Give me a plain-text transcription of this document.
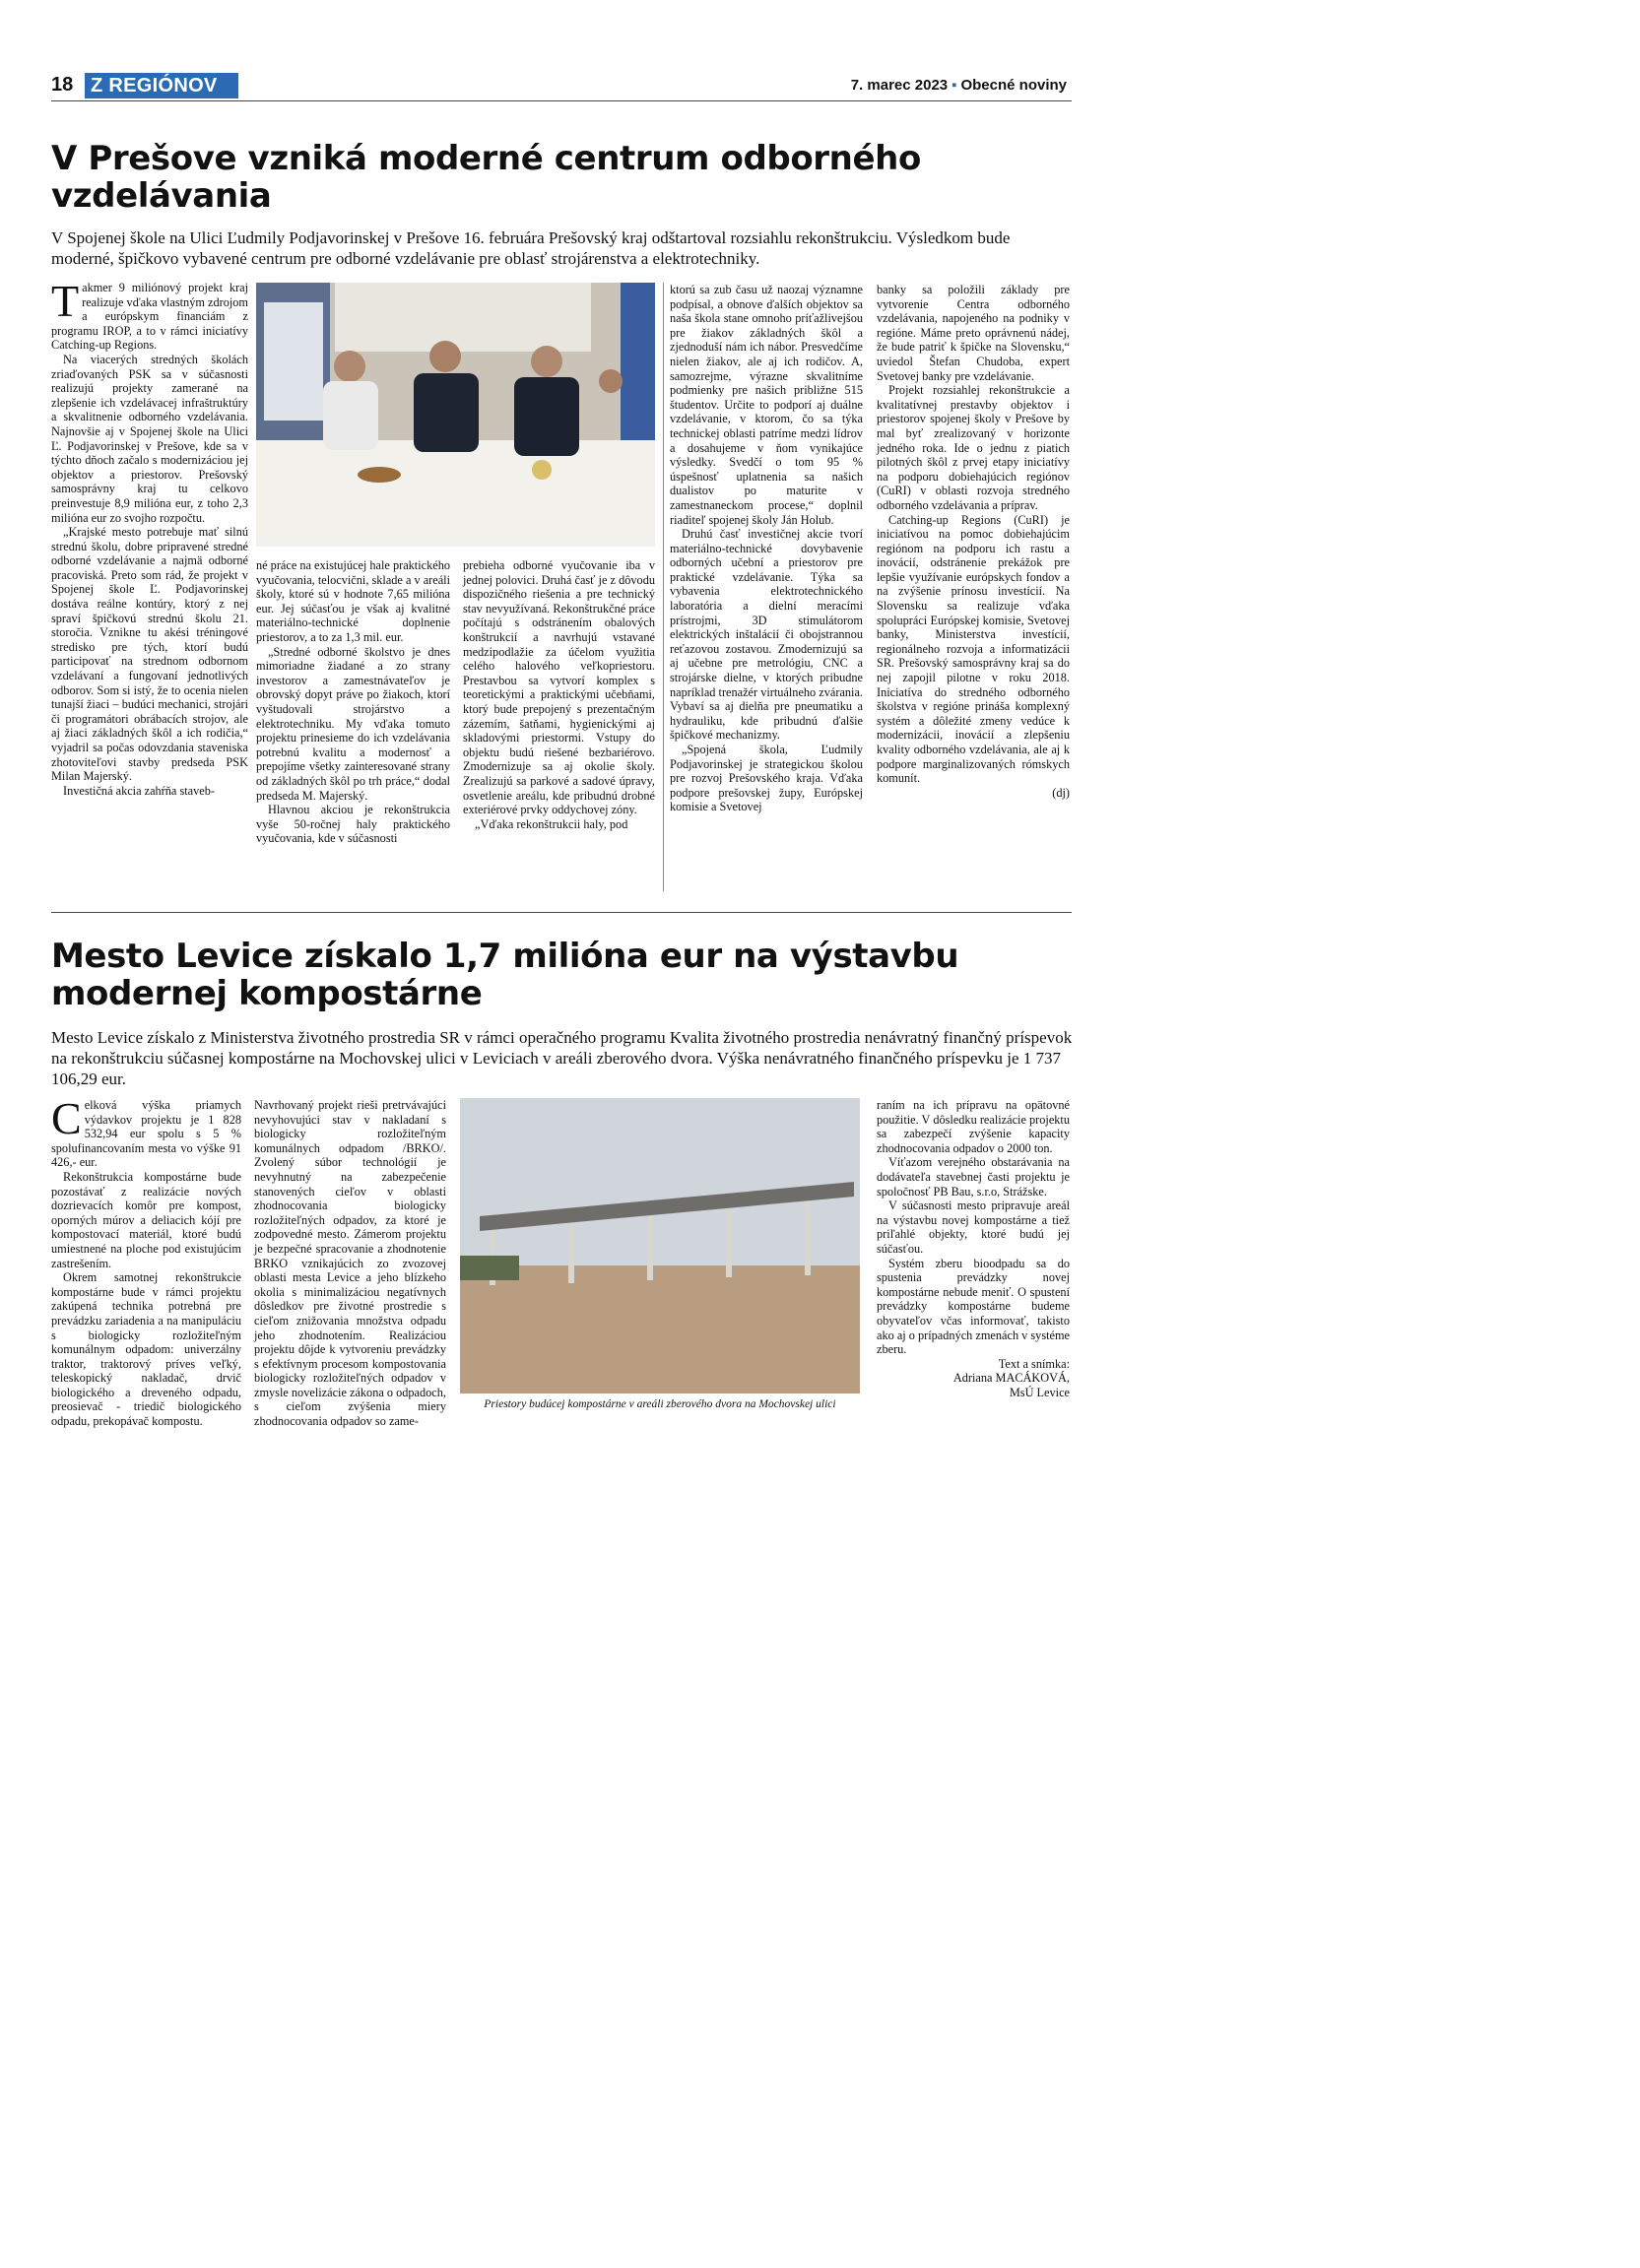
18 Z REGIÓNOV	7. marec 2023 ▪ Obecné noviny
V Prešove vzniká moderné centrum odborného vzdelávania
V Spojenej škole na Ulici Ľudmily Podjavorinskej v Prešove 16. februára Prešovský kraj odštartoval rozsiahlu rekonštrukciu. Výsledkom bude moderné, špičkovo vybavené centrum pre odborné vzdelávanie pre oblasť strojárenstva a elektrotechniky.

Takmer 9 miliónový projekt kraj realizuje vďaka vlastným zdrojom a európskym financiám z programu IROP, a to v rámci iniciatívy Catching-up Regions.

Na viacerých stredných školách zriaďovaných PSK sa v súčasnosti realizujú projekty zamerané na zlepšenie ich vzdelávacej infraštruktúry a skvalitnenie odborného vzdelávania. Najnovšie aj v Spojenej škole na Ulici Ľ. Podjavorinskej v Prešove, kde sa v týchto dňoch začalo s modernizáciou jej objektov a priestorov. Prešovský samosprávny kraj tu celkovo preinvestuje 8,9 milióna eur, z toho 2,3 milióna eur zo svojho rozpočtu.

„Krajské mesto potrebuje mať silnú strednú školu, dobre pripravené stredné odborné vzdelávanie a najmä odborné pracoviská. Preto som rád, že projekt v Spojenej škole Ľ. Podjavorinskej dostáva reálne kontúry, ktorý z nej spraví špičkovú strednú školu 21. storočia. Vznikne tu akési tréningové stredisko pre tých, ktorí budú participovať na strednom odbornom vzdelávaní a fungovaní jednotlivých odborov. Som si istý, že to ocenia nielen tunajší žiaci – budúci mechanici, strojári či programátori obrábacích strojov, ale aj žiaci základných škôl a ich rodičia,“ vyjadril sa počas odovzdania staveniska zhotoviteľovi stavby predseda PSK Milan Majerský.

Investičná akcia zahŕňa staveb-

né práce na existujúcej hale praktického vyučovania, telocvični, sklade a v areáli školy, ktoré sú v hodnote 7,65 milióna eur. Jej súčasťou je však aj kvalitné materiálno-technické doplnenie priestorov, a to za 1,3 mil. eur.

„Stredné odborné školstvo je dnes mimoriadne žiadané a zo strany investorov a zamestnávateľov je obrovský dopyt práve po žiakoch, ktorí vyštudovali strojárstvo a elektrotechniku. My vďaka tomuto projektu prinesieme do ich vzdelávania potrebnú kvalitu a modernosť a prepojíme všetky zainteresované strany od základných škôl po trh práce,“ dodal predseda M. Majerský.

Hlavnou akciou je rekonštrukcia vyše 50-ročnej haly praktického vyučovania, kde v súčasnosti

prebieha odborné vyučovanie iba v jednej polovici. Druhá časť je z dôvodu dispozičného riešenia a pre technický stav nevyužívaná. Rekonštrukčné práce počítajú s odstránením obalových konštrukcií a navrhujú vstavané medzipodlažie za účelom využitia celého halového veľkopriestoru. Prestavbou sa vytvorí komplex s teoretickými a praktickými učebňami, ktorý bude prepojený s prezentačným zázemím, šatňami, hygienickými aj skladovými priestormi. Vstupy do objektu budú riešené bezbariérovo. Zmodernizuje sa aj okolie školy. Zrealizujú sa parkové a sadové úpravy, osvetlenie areálu, kde pribudnú drobné exteriérové prvky oddychovej zóny.

„Vďaka rekonštrukcii haly, pod

ktorú sa zub času už naozaj významne podpísal, a obnove ďalších objektov sa naša škola stane omnoho príťažlivejšou pre žiakov základných škôl a zjednoduší nám ich nábor. Presvedčíme nielen žiakov, ale aj ich rodičov. A, samozrejme, výrazne skvalitníme podmienky pre našich približne 515 študentov. Určite to podporí aj duálne vzdelávanie, v ktorom, čo sa týka technickej oblasti patríme medzi lídrov a dosahujeme v ňom vynikajúce výsledky. Svedčí o tom 95 % úspešnosť uplatnenia sa našich dualistov po maturite v zamestnaneckom procese,“ doplnil riaditeľ spojenej školy Ján Holub.

Druhú časť investičnej akcie tvorí materiálno-technické dovybavenie odborných učební a priestorov pre praktické vzdelávanie. Týka sa vybavenia elektrotechnického laboratória a dielní meracími prístrojmi, 3D stimulátorom elektrických inštalácií či obojstrannou reťazovou zostavou. Zmodernizujú sa aj učebne pre metrológiu, CNC a strojárske dielne, v ktorých pribudne napríklad trenažér virtuálneho zvárania. Vybaví sa aj dielňa pre pneumatiku a hydrauliku, kde pribudnú ďalšie špičkové mechanizmy.

„Spojená škola, Ľudmily Podjavorinskej je strategickou školou pre rozvoj Prešovského kraja. Vďaka podpore prešovskej župy, Európskej komisie a Svetovej

banky sa položili základy pre vytvorenie Centra odborného vzdelávania, napojeného na podniky v regióne. Máme preto oprávnenú nádej, že bude patriť k špičke na Slovensku,“ uviedol Štefan Chudoba, expert Svetovej banky pre vzdelávanie.

Projekt rozsiahlej rekonštrukcie a kvalitatívnej prestavby objektov i priestorov spojenej školy v Prešove by mal byť zrealizovaný v horizonte jedného roka. Ide o jednu z piatich pilotných škôl z prvej etapy iniciatívy na podporu dobiehajúcich regiónov (CuRI) v oblasti rozvoja stredného odborného vzdelávania a príprav.

Catching-up Regions (CuRI) je iniciatívou na pomoc dobiehajúcim regiónom na podporu ich rastu a inovácií, odstránenie prekážok pre lepšie využívanie európskych fondov a na zvýšenie prínosu investícií. Na Slovensku sa realizuje vďaka spolupráci Európskej komisie, Svetovej banky, Ministerstva investícií, regionálneho rozvoja a informatizácii SR. Prešovský samosprávny kraj sa do nej zapojil pilotne v roku 2018. Iniciatíva do stredného odborného školstva v regióne prináša komplexný systém a dôležité zmeny vedúce k modernizácii, inovácií a zlepšeniu kvality odborného vzdelávania, ale aj k podpore marginalizovaných rómskych komunít.

(dj)
Mesto Levice získalo 1,7 milióna eur na výstavbu modernej kompostárne
Mesto Levice získalo z Ministerstva životného prostredia SR v rámci operačného programu Kvalita životného prostredia nenávratný finančný príspevok na rekonštrukciu súčasnej kompostárne na Mochovskej ulici v Leviciach v areáli zberového dvora. Výška nenávratného finančného príspevku je 1 737 106,29 eur.

Celková výška priamych výdavkov projektu je 1 828 532,94 eur spolu s 5 % spolufinancovaním mesta vo výške 91 426,- eur.

Rekonštrukcia kompostárne bude pozostávať z realizácie nových dozrievacích komôr pre kompost, oporných múrov a deliacich kójí pre kompostovací materiál, ktoré budú umiestnené na ploche pod existujúcim zastrešením.

Okrem samotnej rekonštrukcie kompostárne bude v rámci projektu zakúpená technika potrebná pre prevádzku zariadenia a na manipuláciu s biologicky rozložiteľným komunálnym odpadom: univerzálny traktor, traktorový príves veľký, teleskopický nakladač, drvič biologického a dreveného odpadu, preosievač - triedič biologického odpadu, prekopávač kompostu.

Navrhovaný projekt rieši pretrvávajúci nevyhovujúci stav v nakladaní s biologicky rozložiteľným komunálnych odpadom /BRKO/. Zvolený súbor technológií je nevyhnutný na zabezpečenie stanovených cieľov v oblasti zhodnocovania biologicky rozložiteľných odpadov, za ktoré je zodpovedné mesto. Zámerom projektu je bezpečné spracovanie a zhodnotenie BRKO vznikajúcich zo zvozovej oblasti mesta Levice a jeho blízkeho okolia s minimalizáciou negatívnych dôsledkov pre životné prostredie s cieľom znižovania množstva odpadu jeho zhodnotením. Realizáciou projektu dôjde k vytvoreniu prevádzky s efektívnym procesom kompostovania biologicky rozložiteľných odpadov v zmysle novelizácie zákona o odpadoch, s cieľom zvýšenia miery zhodnocovania odpadov so zame-

Priestory budúcej kompostárne v areáli zberového dvora na Mochovskej ulici

raním na ich prípravu na opätovné použitie. V dôsledku realizácie projektu sa zabezpečí zvýšenie kapacity zhodnocovania odpadov o 2000 ton.

Víťazom verejného obstarávania na dodávateľa stavebnej časti projektu je spoločnosť PB Bau, s.r.o, Strážske.

V súčasnosti mesto pripravuje areál na výstavbu novej kompostárne a tiež priľahlé objekty, ktoré budú jej súčasťou.

Systém zberu bioodpadu sa do spustenia prevádzky novej kompostárne nebude meniť. O spustení prevádzky kompostárne budeme obyvateľov včas informovať, takisto ako aj o prípadných zmenách v systéme zberu.

Text a snímka:
Adriana MACÁKOVÁ,
MsÚ Levice
